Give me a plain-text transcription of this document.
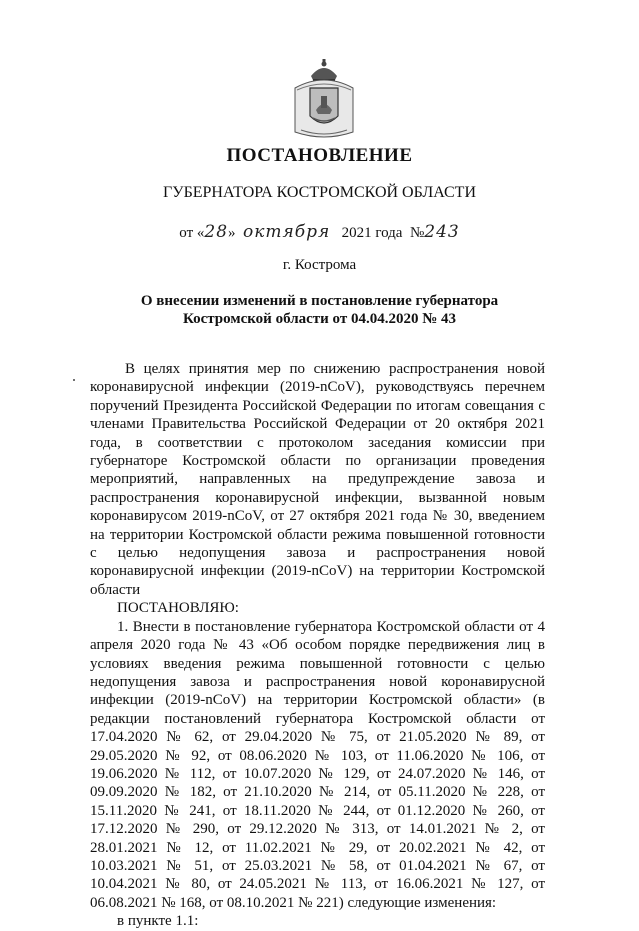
ПОСТАНОВЛЕНИЕ
ГУБЕРНАТОРА КОСТРОМСКОЙ ОБЛАСТИ
от «28» октября 2021 года №243
г. Кострома
О внесении изменений в постановление губернатора
Костромской области от 04.04.2020 № 43

В целях принятия мер по снижению распространения новой коронавирусной инфекции (2019-nCoV), руководствуясь перечнем поручений Президента Российской Федерации по итогам совещания с членами Правительства Российской Федерации от 20 октября 2021 года, в соответствии с протоколом заседания комиссии при губернаторе Костромской области по организации проведения мероприятий, направленных на предупреждение завоза и распространения коронавирусной инфекции, вызванной новым коронавирусом 2019-nCoV, от 27 октября 2021 года № 30, введением на территории Костромской области режима повышенной готовности с целью недопущения завоза и распространения новой коронавирусной инфекции (2019-nCoV) на территории Костромской области

ПОСТАНОВЛЯЮ:

1. Внести в постановление губернатора Костромской области от 4 апреля 2020 года № 43 «Об особом порядке передвижения лиц в условиях введения режима повышенной готовности с целью недопущения завоза и распространения новой коронавирусной инфекции (2019-nCoV) на территории Костромской области» (в редакции постановлений губернатора Костромской области от 17.04.2020 № 62, от 29.04.2020 № 75, от 21.05.2020 № 89, от 29.05.2020 № 92, от 08.06.2020 № 103, от 11.06.2020 № 106, от 19.06.2020 № 112, от 10.07.2020 № 129, от 24.07.2020 № 146, от 09.09.2020 № 182, от 21.10.2020 № 214, от 05.11.2020 № 228, от 15.11.2020 № 241, от 18.11.2020 № 244, от 01.12.2020 № 260, от 17.12.2020 № 290, от 29.12.2020 № 313, от 14.01.2021 № 2, от 28.01.2021 № 12, от 11.02.2021 № 29, от 20.02.2021 № 42, от 10.03.2021 № 51, от 25.03.2021 № 58, от 01.04.2021 № 67, от 10.04.2021 № 80, от 24.05.2021 № 113, от 16.06.2021 № 127, от 06.08.2021 № 168, от 08.10.2021 № 221) следующие изменения:

в пункте 1.1:
